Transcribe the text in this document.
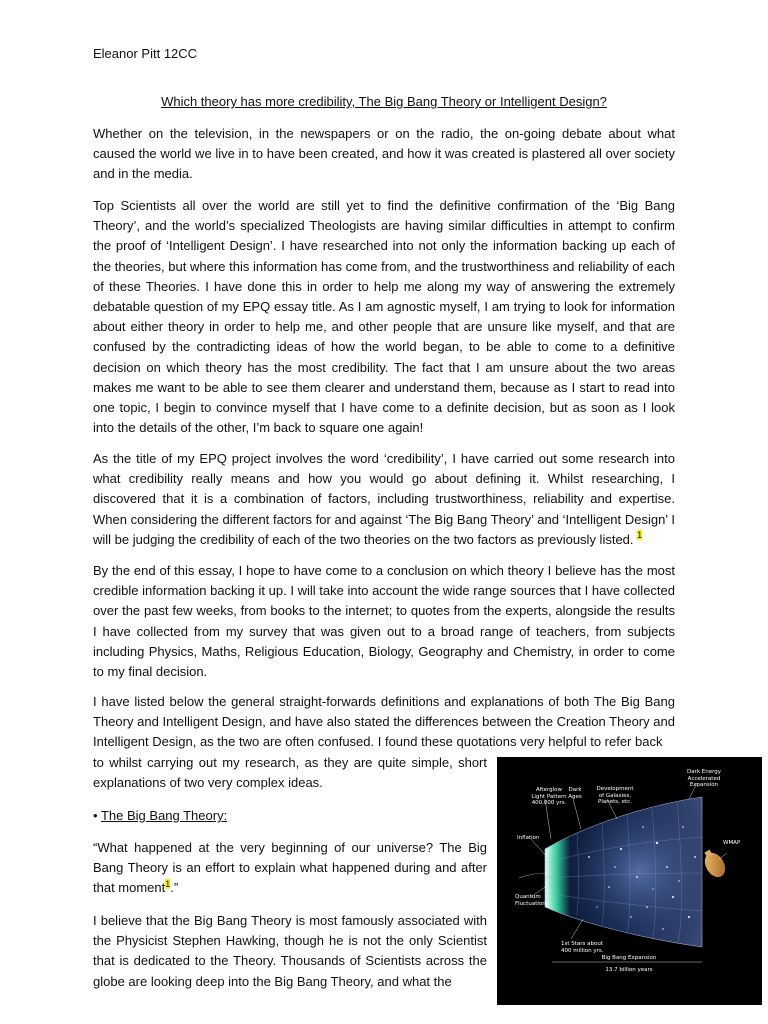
Eleanor Pitt 12CC
Which theory has more credibility, The Big Bang Theory or Intelligent Design?

Whether on the television, in the newspapers or on the radio, the on-going debate about what caused the world we live in to have been created, and how it was created is plastered all over society and in the media.

Top Scientists all over the world are still yet to find the definitive confirmation of the ‘Big Bang Theory’, and the world’s specialized Theologists are having similar difficulties in attempt to confirm the proof of ‘Intelligent Design’. I have researched into not only the information backing up each of the theories, but where this information has come from, and the trustworthiness and reliability of each of these Theories. I have done this in order to help me along my way of answering the extremely debatable question of my EPQ essay title. As I am agnostic myself, I am trying to look for information about either theory in order to help me, and other people that are unsure like myself, and that are confused by the contradicting ideas of how the world began, to be able to come to a definitive decision on which theory has the most credibility. The fact that I am unsure about the two areas makes me want to be able to see them clearer and understand them, because as I start to read into one topic, I begin to convince myself that I have come to a definite decision, but as soon as I look into the details of the other, I’m back to square one again!

As the title of my EPQ project involves the word ‘credibility’, I have carried out some research into what credibility really means and how you would go about defining it. Whilst researching, I discovered that it is a combination of factors, including trustworthiness, reliability and expertise. When considering the different factors for and against ‘The Big Bang Theory’ and ‘Intelligent Design’ I will be judging the credibility of each of the two theories on the two factors as previously listed. $^1$

By the end of this essay, I hope to have come to a conclusion on which theory I believe has the most credible information backing it up. I will take into account the wide range sources that I have collected over the past few weeks, from books to the internet; to quotes from the experts, alongside the results I have collected from my survey that was given out to a broad range of teachers, from subjects including Physics, Maths, Religious Education, Biology, Geography and Chemistry, in order to come to my final decision.

I have listed below the general straight-forwards definitions and explanations of both The Big Bang Theory and Intelligent Design, and have also stated the differences between the Creation Theory and Intelligent Design, as the two are often confused. I found these quotations very helpful to refer back

to whilst carrying out my research, as they are quite simple, short explanations of two very complex ideas.

• The Big Bang Theory:

“What happened at the very beginning of our universe? The Big Bang Theory is an effort to explain what happened during and after that moment$^1$.”

I believe that the Big Bang Theory is most famously associated with the Physicist Stephen Hawking, though he is not the only Scientist that is dedicated to the Theory. Thousands of Scientists across the globe are looking deep into the Big Bang Theory, and what the

Afterglow Light Pattern 400,000 yrs.
Dark Ages
Development of Galaxies, Planets, etc.
Dark Energy Accelerated Expansion
Inflation
WMAP
Quantum Fluctuations
1st Stars about 400 million yrs.
Big Bang Expansion
13.7 billion years
